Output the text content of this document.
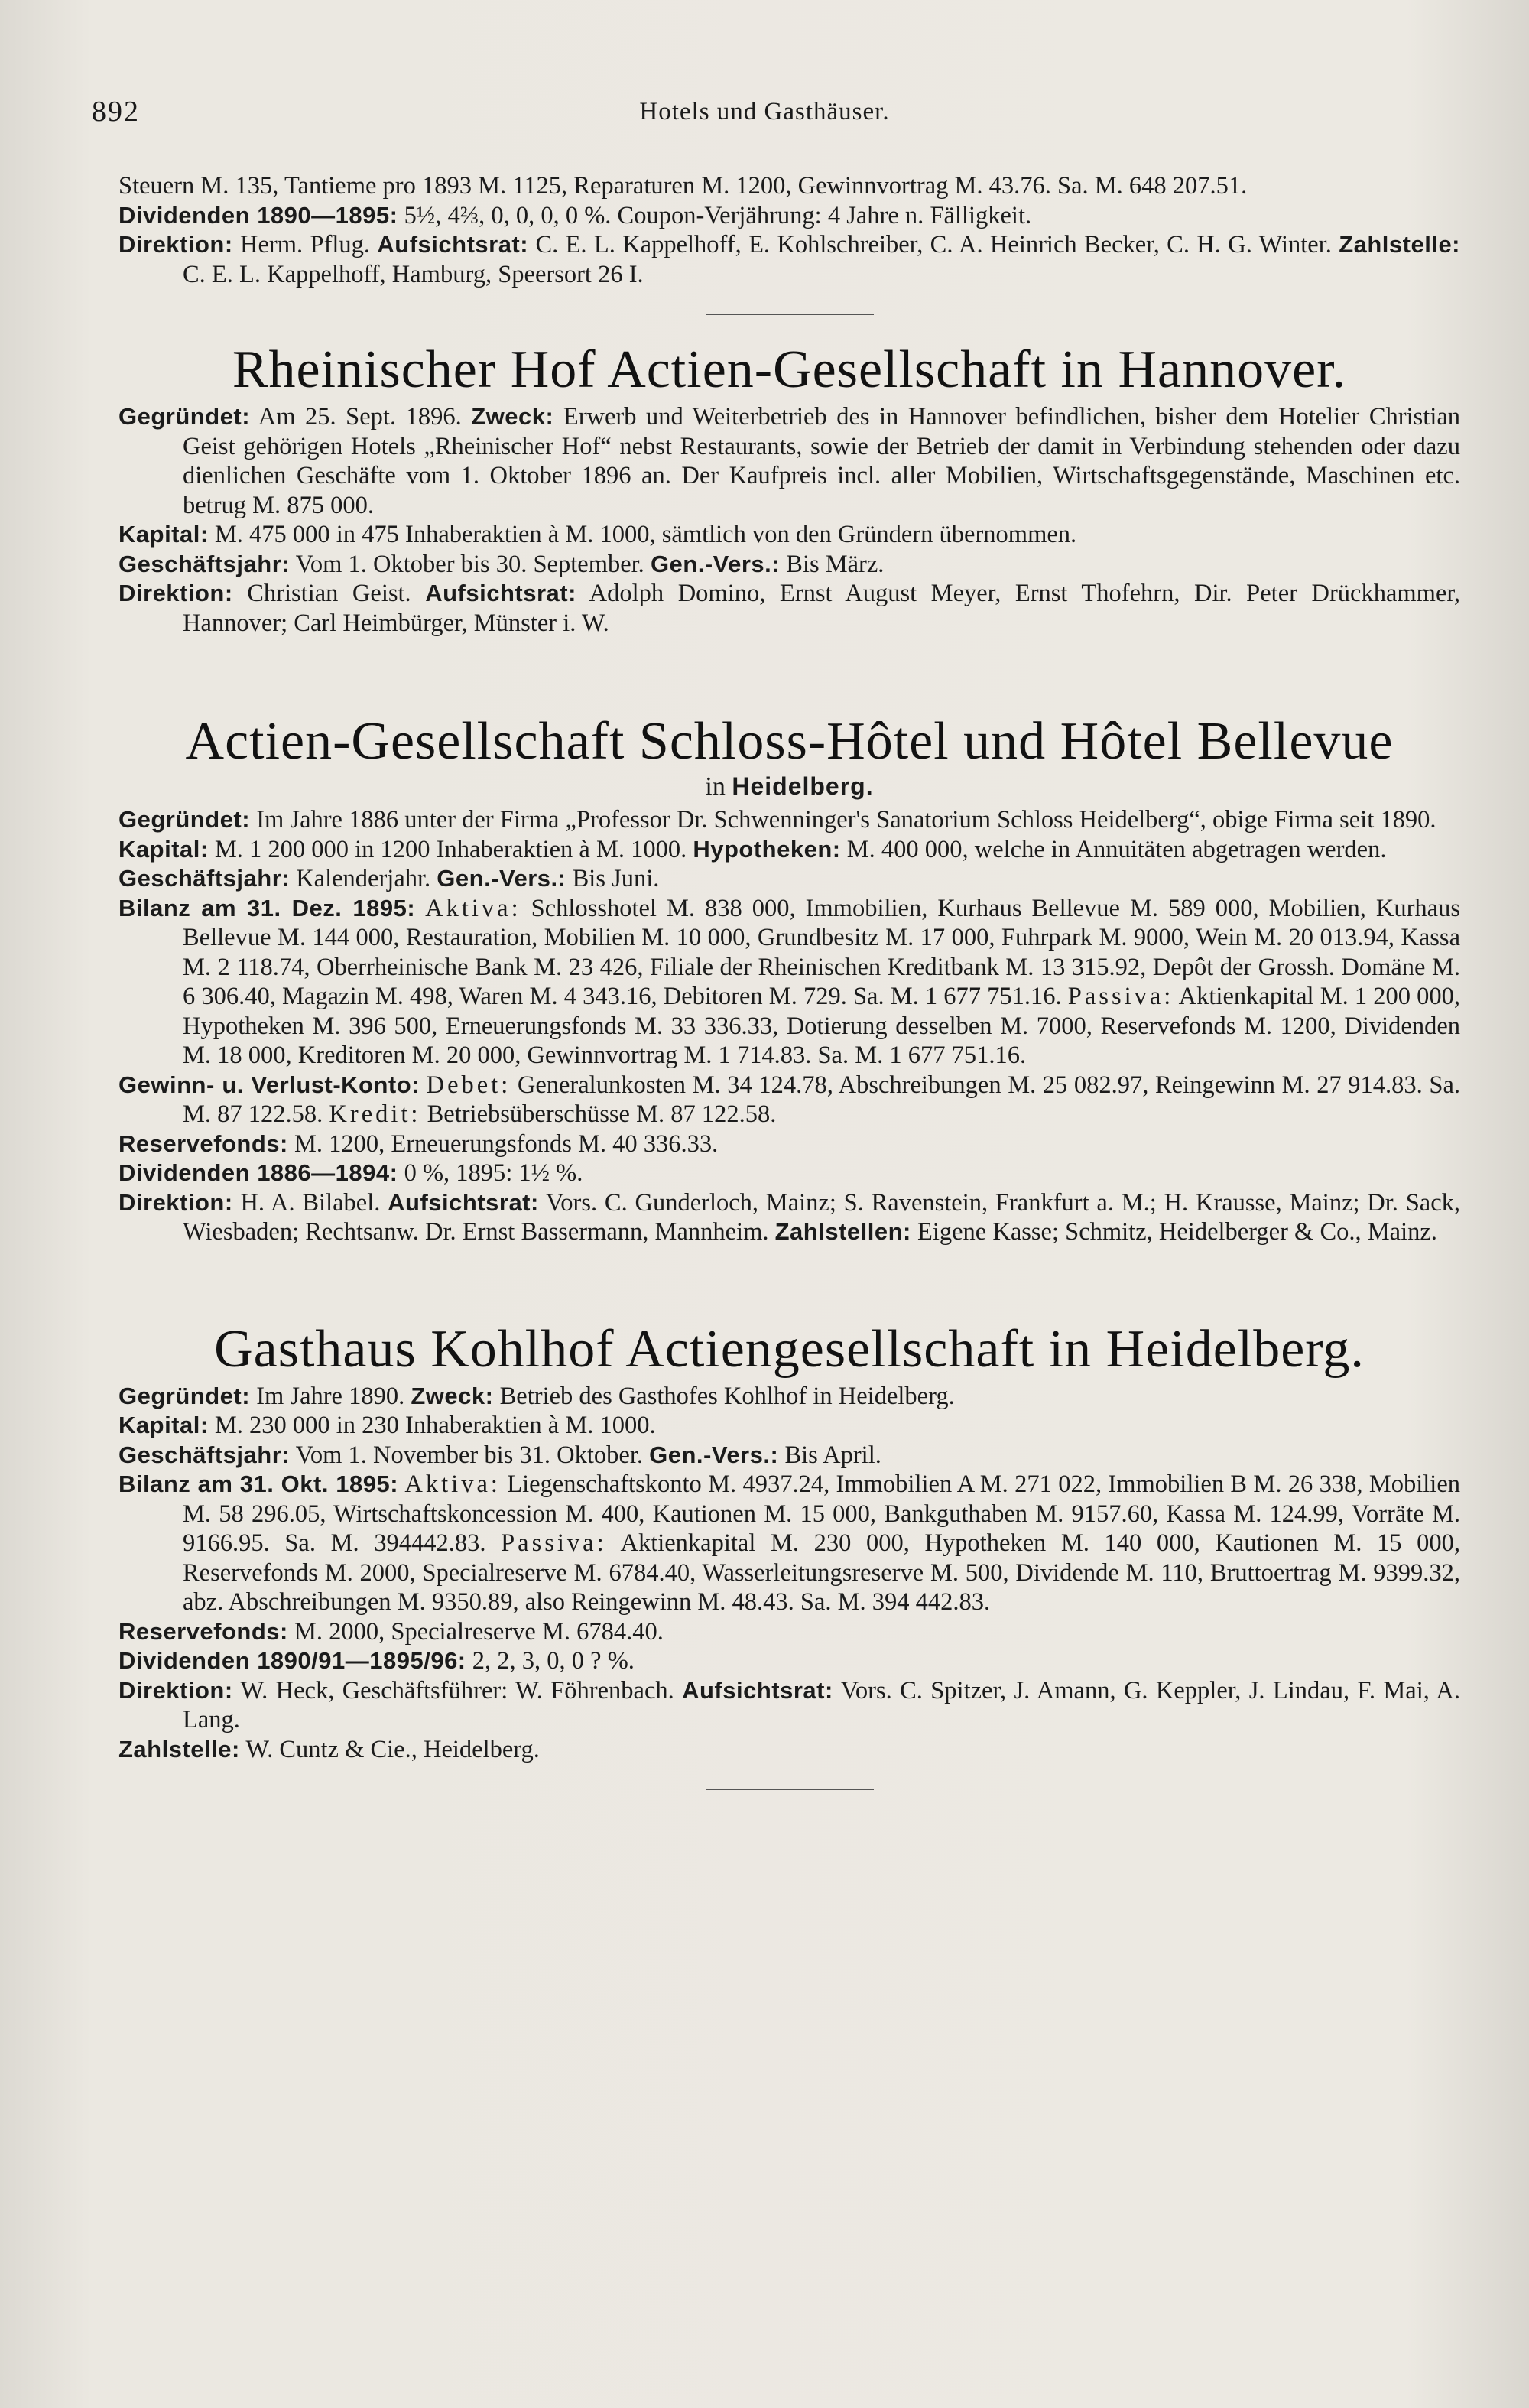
892	Hotels und Gasthäuser.

Steuern M. 135, Tantieme pro 1893 M. 1125, Reparaturen M. 1200, Gewinnvortrag M. 43.76. Sa. M. 648 207.51.

Dividenden 1890—1895: 5½, 4⅔, 0, 0, 0, 0 %. Coupon-Verjährung: 4 Jahre n. Fälligkeit.

Direktion: Herm. Pflug. Aufsichtsrat: C. E. L. Kappelhoff, E. Kohlschreiber, C. A. Heinrich Becker, C. H. G. Winter. Zahlstelle: C. E. L. Kappelhoff, Hamburg, Speersort 26 I.

Rheinischer Hof Actien-Gesellschaft in Hannover.

Gegründet: Am 25. Sept. 1896. Zweck: Erwerb und Weiterbetrieb des in Hannover befindlichen, bisher dem Hotelier Christian Geist gehörigen Hotels „Rheinischer Hof“ nebst Restaurants, sowie der Betrieb der damit in Verbindung stehenden oder dazu dienlichen Geschäfte vom 1. Oktober 1896 an. Der Kaufpreis incl. aller Mobilien, Wirtschaftsgegenstände, Maschinen etc. betrug M. 875 000.

Kapital: M. 475 000 in 475 Inhaberaktien à M. 1000, sämtlich von den Gründern übernommen.

Geschäftsjahr: Vom 1. Oktober bis 30. September. Gen.-Vers.: Bis März.

Direktion: Christian Geist. Aufsichtsrat: Adolph Domino, Ernst August Meyer, Ernst Thofehrn, Dir. Peter Drückhammer, Hannover; Carl Heimbürger, Münster i. W.

Actien-Gesellschaft Schloss-Hôtel und Hôtel Bellevue
in Heidelberg.

Gegründet: Im Jahre 1886 unter der Firma „Professor Dr. Schwenninger's Sanatorium Schloss Heidelberg“, obige Firma seit 1890.

Kapital: M. 1 200 000 in 1200 Inhaberaktien à M. 1000. Hypotheken: M. 400 000, welche in Annuitäten abgetragen werden.

Geschäftsjahr: Kalenderjahr. Gen.-Vers.: Bis Juni.

Bilanz am 31. Dez. 1895: Aktiva: Schlosshotel M. 838 000, Immobilien, Kurhaus Bellevue M. 589 000, Mobilien, Kurhaus Bellevue M. 144 000, Restauration, Mobilien M. 10 000, Grundbesitz M. 17 000, Fuhrpark M. 9000, Wein M. 20 013.94, Kassa M. 2 118.74, Oberrheinische Bank M. 23 426, Filiale der Rheinischen Kreditbank M. 13 315.92, Depôt der Grossh. Domäne M. 6 306.40, Magazin M. 498, Waren M. 4 343.16, Debitoren M. 729. Sa. M. 1 677 751.16. Passiva: Aktienkapital M. 1 200 000, Hypotheken M. 396 500, Erneuerungsfonds M. 33 336.33, Dotierung desselben M. 7000, Reservefonds M. 1200, Dividenden M. 18 000, Kreditoren M. 20 000, Gewinnvortrag M. 1 714.83. Sa. M. 1 677 751.16.

Gewinn- u. Verlust-Konto: Debet: Generalunkosten M. 34 124.78, Abschreibungen M. 25 082.97, Reingewinn M. 27 914.83. Sa. M. 87 122.58. Kredit: Betriebsüberschüsse M. 87 122.58.

Reservefonds: M. 1200, Erneuerungsfonds M. 40 336.33.

Dividenden 1886—1894: 0 %, 1895: 1½ %.

Direktion: H. A. Bilabel. Aufsichtsrat: Vors. C. Gunderloch, Mainz; S. Ravenstein, Frankfurt a. M.; H. Krausse, Mainz; Dr. Sack, Wiesbaden; Rechtsanw. Dr. Ernst Bassermann, Mannheim. Zahlstellen: Eigene Kasse; Schmitz, Heidelberger & Co., Mainz.

Gasthaus Kohlhof Actiengesellschaft in Heidelberg.

Gegründet: Im Jahre 1890. Zweck: Betrieb des Gasthofes Kohlhof in Heidelberg.

Kapital: M. 230 000 in 230 Inhaberaktien à M. 1000.

Geschäftsjahr: Vom 1. November bis 31. Oktober. Gen.-Vers.: Bis April.

Bilanz am 31. Okt. 1895: Aktiva: Liegenschaftskonto M. 4937.24, Immobilien A M. 271 022, Immobilien B M. 26 338, Mobilien M. 58 296.05, Wirtschaftskoncession M. 400, Kautionen M. 15 000, Bankguthaben M. 9157.60, Kassa M. 124.99, Vorräte M. 9166.95. Sa. M. 394442.83. Passiva: Aktienkapital M. 230 000, Hypotheken M. 140 000, Kautionen M. 15 000, Reservefonds M. 2000, Specialreserve M. 6784.40, Wasserleitungsreserve M. 500, Dividende M. 110, Bruttoertrag M. 9399.32, abz. Abschreibungen M. 9350.89, also Reingewinn M. 48.43. Sa. M. 394 442.83.

Reservefonds: M. 2000, Specialreserve M. 6784.40.

Dividenden 1890/91—1895/96: 2, 2, 3, 0, 0 ? %.

Direktion: W. Heck, Geschäftsführer: W. Föhrenbach. Aufsichtsrat: Vors. C. Spitzer, J. Amann, G. Keppler, J. Lindau, F. Mai, A. Lang.

Zahlstelle: W. Cuntz & Cie., Heidelberg.
